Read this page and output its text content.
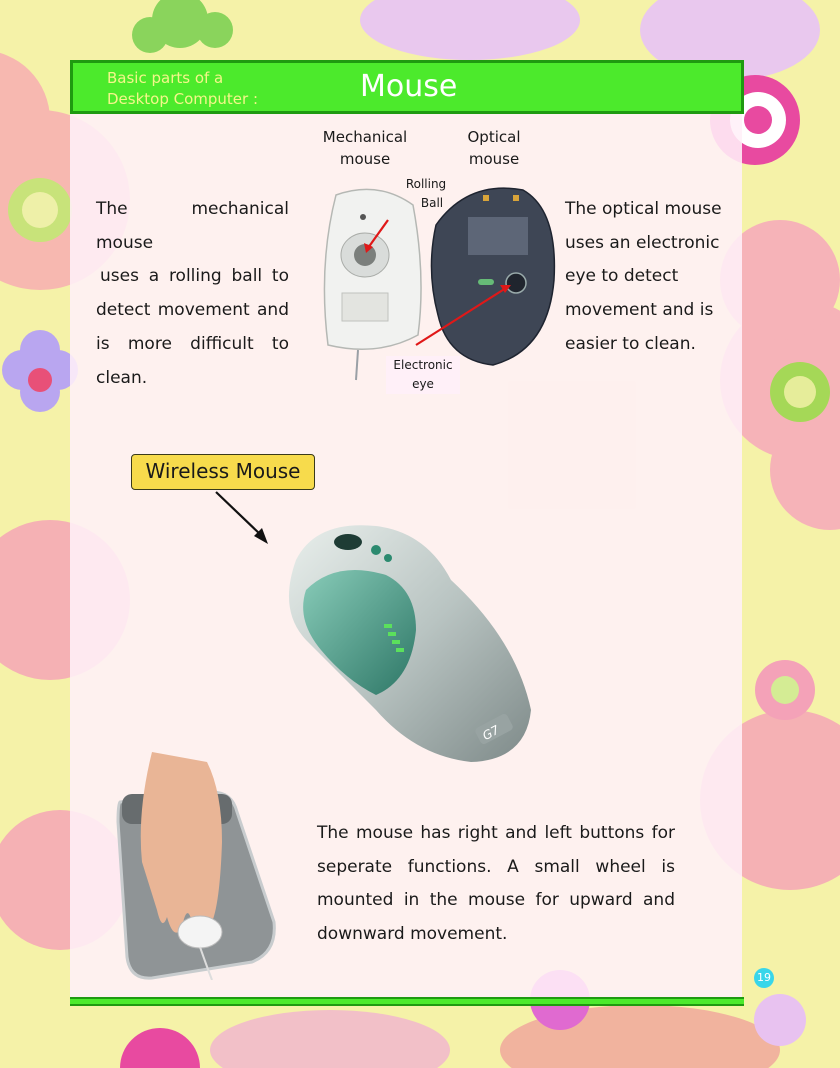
Basic parts of a
Desktop Computer :	Mouse
The mechanical mouse
uses a rolling ball to
detect movement and
is more difficult to
clean.
The optical mouse
uses an electronic
eye to detect
movement and is
easier to clean.
Mechanical
mouse
Optical
mouse
Rolling
Ball
Electronic
eye
Wireless Mouse
G7
The mouse has right and left buttons for
seperate functions. A small wheel is
mounted in the mouse for upward and
downward movement.
19
